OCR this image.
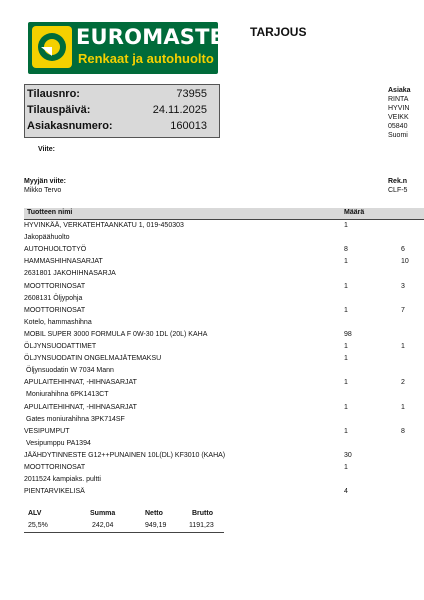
EUROMASTER
Renkaat ja autohuolto
TARJOUS
Tilausnro:	73955
Tilauspäivä:	24.11.2025
Asiakasnumero:	160013
Asiaka
RINTA
HYVIN
VEIKK
05840
Suomi
Viite:
Myyjän viite:
Mikko Tervo
Rek.n
CLF-5
Tuotteen nimi	Määrä
HYVINKÄÄ, VERKATEHTAANKATU 1, 019-450303	1
Jakopäähuolto
AUTOHUOLTOTYÖ	8	6
HAMMASHIHNASARJAT	1	10
2631801 JAKOHIHNASARJA
MOOTTORINOSAT	1	3
2608131 Öljypohja
MOOTTORINOSAT	1	7
Kotelo, hammashihna
MOBIL SUPER 3000 FORMULA F 0W-30 1DL (20L) KAHA	98
ÖLJYNSUODATTIMET	1	1
ÖLJYNSUODATIN ONGELMAJÄTEMAKSU	1
Öljynsuodatin W 7034 Mann
APULAITEHIHNAT, -HIHNASARJAT	1	2
Moniurahihna 6PK1413CT
APULAITEHIHNAT, -HIHNASARJAT	1	1
Gates moniurahihna 3PK714SF
VESIPUMPUT	1	8
Vesipumppu PA1394
JÄÄHDYTINNESTE G12++PUNAINEN 10L(DL) KF3010 (KAHA)	30
MOOTTORINOSAT	1
2011524 kampiaks. pultti
PIENTARVIKELISÄ	4
ALV	Summa	Netto	Brutto
25,5%	242,04	949,19	1191,23
